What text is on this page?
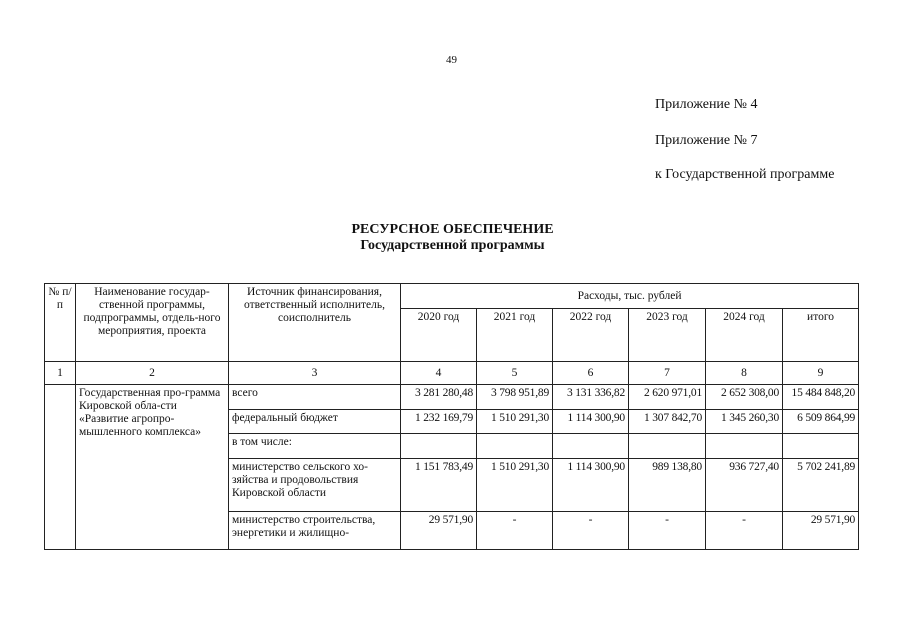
49
Приложение № 4
Приложение № 7
к Государственной программе
РЕСУРСНОЕ ОБЕСПЕЧЕНИЕ
Государственной программы
№ п/п	Наименование государ-ственной программы, подпрограммы, отдель-ного мероприятия, проекта	Источник финансирования, ответственный исполнитель, соисполнитель	Расходы, тыс. рублей					
			2020 год	2021 год	2022 год	2023 год	2024 год	итого
1	2	3	4	5	6	7	8	9
	Государственная про-грамма Кировской обла-сти «Развитие агропро-мышленного комплекса»	всего	3 281 280,48	3 798 951,89	3 131 336,82	2 620 971,01	2 652 308,00	15 484 848,20
		федеральный бюджет	1 232 169,79	1 510 291,30	1 114 300,90	1 307 842,70	1 345 260,30	6 509 864,99
		в том числе:						
		министерство сельского хо-зяйства и продовольствия Кировской области	1 151 783,49	1 510 291,30	1 114 300,90	989 138,80	936 727,40	5 702 241,89
		министерство строительства, энергетики и жилищно-	29 571,90	-	-	-	-	29 571,90
